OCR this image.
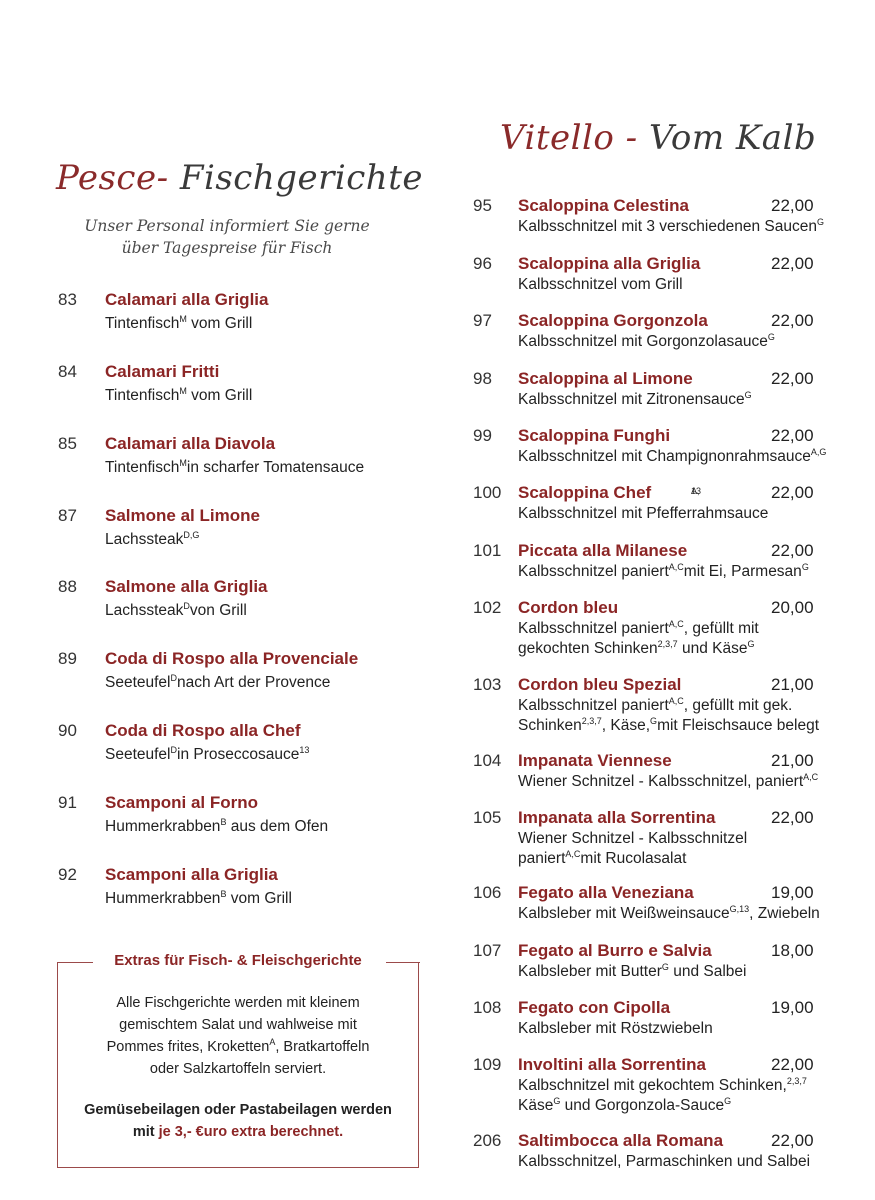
Pesce- Fischgerichte
Unser Personal informiert Sie gerne
über Tagespreise für Fisch
Vitello - Vom Kalb
83 Calamari alla Griglia
Tintenfisch$^M$ vom Grill
84 Calamari Fritti
Tintenfisch$^M$ vom Grill
85 Calamari alla Diavola
Tintenfisch$^M$in scharfer Tomatensauce
87 Salmone al Limone
Lachssteak$^{D,G}$
88 Salmone alla Griglia
Lachssteak$^D$von Grill
89 Coda di Rospo alla Provenciale
Seeteufel$^D$nach Art der Provence
90 Coda di Rospo alla Chef
Seeteufel$^D$in Proseccosauce$^{13}$
91 Scamponi al Forno
Hummerkrabben$^B$ aus dem Ofen
92 Scamponi alla Griglia
Hummerkrabben$^B$ vom Grill
95 Scaloppina Celestina	22,00
Kalbsschnitzel mit 3 verschiedenen Saucen$^G$
96 Scaloppina alla Griglia	22,00
Kalbsschnitzel vom Grill
97 Scaloppina Gorgonzola	22,00
Kalbsschnitzel mit Gorgonzolasauce$^G$
98 Scaloppina al Limone	22,00
Kalbsschnitzel mit Zitronensauce$^G$
99 Scaloppina Funghi	22,00
Kalbsschnitzel mit Champignonrahmsauce$^{A,G}$
100 Scaloppina Chef	A, 13	22,00
Kalbsschnitzel mit Pfefferrahmsauce
101 Piccata alla Milanese	22,00
Kalbsschnitzel paniert$^{A,C}$mit Ei, Parmesan$^G$
102 Cordon bleu	20,00
Kalbsschnitzel paniert$^{A,C}$, gefüllt mit
gekochten Schinken$^{2,3,7}$ und Käse$^G$
103 Cordon bleu Spezial	21,00
Kalbsschnitzel paniert$^{A,C}$, gefüllt mit gek.
Schinken$^{2,3,7}$, Käse,$^G$mit Fleischsauce belegt
104 Impanata Viennese	21,00
Wiener Schnitzel - Kalbsschnitzel, paniert$^{A,C}$
105 Impanata alla Sorrentina	22,00
Wiener Schnitzel - Kalbsschnitzel
paniert$^{A,C}$mit Rucolasalat
106 Fegato alla Veneziana	19,00
Kalbsleber mit Weißweinsauce$^{G,13}$, Zwiebeln
107 Fegato al Burro e Salvia	18,00
Kalbsleber mit Butter$^G$ und Salbei
108 Fegato con Cipolla	19,00
Kalbsleber mit Röstzwiebeln
109 Involtini alla Sorrentina	22,00
Kalbschnitzel mit gekochtem Schinken,$^{2,3,7}$
Käse$^G$ und Gorgonzola-Sauce$^G$
206 Saltimbocca alla Romana	22,00
Kalbsschnitzel, Parmaschinken und Salbei
Extras für Fisch- & Fleischgerichte
Alle Fischgerichte werden mit kleinem
gemischtem Salat und wahlweise mit
Pommes frites, Kroketten$^A$, Bratkartoffeln
oder Salzkartoffeln serviert.
Gemüsebeilagen oder Pastabeilagen werden
mit je 3,- €uro extra berechnet.
